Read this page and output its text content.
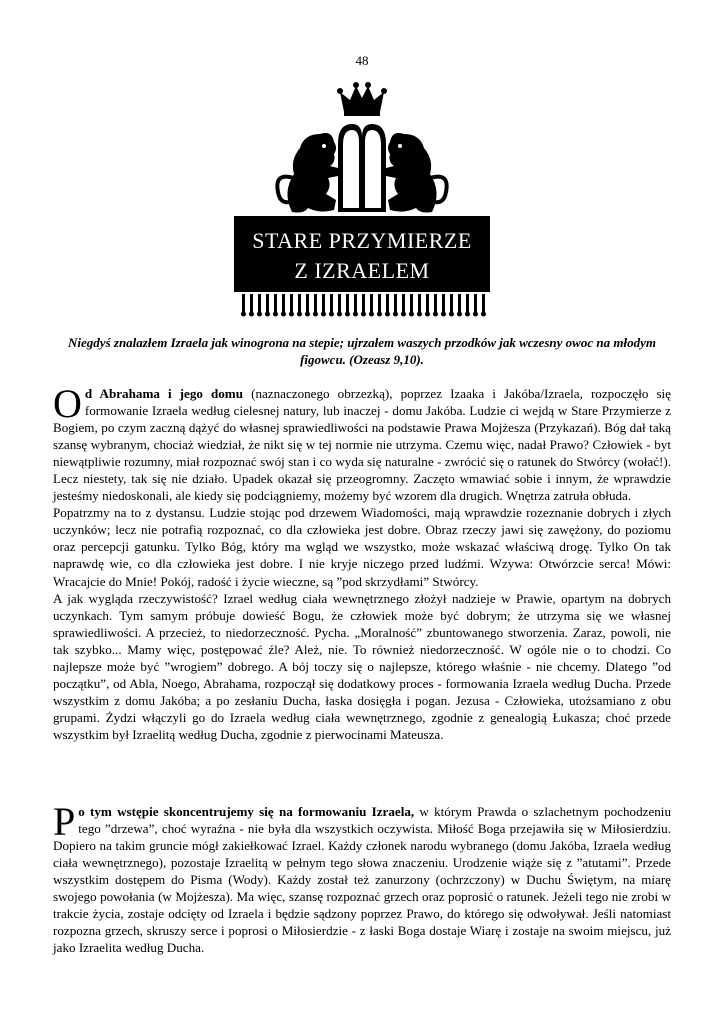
48
STARE PRZYMIERZE
Z IZRAELEM
Niegdyś znalazłem Izraela jak winogrona na stepie; ujrzałem waszych przodków jak wczesny owoc na młodym figowcu. (Ozeasz 9,10).

Od Abrahama i jego domu (naznaczonego obrzezką), poprzez Izaaka i Jakóba/Izraela, rozpoczęło się formowanie Izraela według cielesnej natury, lub inaczej - domu Jakóba. Ludzie ci wejdą w Stare Przymierze z Bogiem, po czym zaczną dążyć do własnej sprawiedliwości na podstawie Prawa Mojżesza (Przykazań). Bóg dał taką szansę wybranym, chociaż wiedział, że nikt się w tej normie nie utrzyma. Czemu więc, nadał Prawo? Człowiek - byt niewątpliwie rozumny, miał rozpoznać swój stan i co wyda się naturalne - zwrócić się o ratunek do Stwórcy (wołać!). Lecz niestety, tak się nie działo. Upadek okazał się przeogromny. Zaczęto wmawiać sobie i innym, że wprawdzie jesteśmy niedoskonali, ale kiedy się podciągniemy, możemy być wzorem dla drugich. Wnętrza zatruła obłuda.

Popatrzmy na to z dystansu. Ludzie stojąc pod drzewem Wiadomości, mają wprawdzie rozeznanie dobrych i złych uczynków; lecz nie potrafią rozpoznać, co dla człowieka jest dobre. Obraz rzeczy jawi się zawężony, do poziomu oraz percepcji gatunku. Tylko Bóg, który ma wgląd we wszystko, może wskazać właściwą drogę. Tylko On tak naprawdę wie, co dla człowieka jest dobre. I nie kryje niczego przed ludźmi. Wzywa: Otwórzcie serca! Mówi: Wracajcie do Mnie! Pokój, radość i życie wieczne, są ”pod skrzydłami” Stwórcy.

A jak wygląda rzeczywistość? Izrael według ciała wewnętrznego złożył nadzieje w Prawie, opartym na dobrych uczynkach. Tym samym próbuje dowieść Bogu, że człowiek może być dobrym; że utrzyma się we własnej sprawiedliwości. A przecież, to niedorzeczność. Pycha. „Moralność” zbuntowanego stworzenia. Zaraz, powoli, nie tak szybko... Mamy więc, postępować źle? Ależ, nie. To również niedorzeczność. W ogóle nie o to chodzi. Co najlepsze może być ”wrogiem” dobrego. A bój toczy się o najlepsze, którego właśnie - nie chcemy. Dlatego ”od początku”, od Abla, Noego, Abrahama, rozpoczął się dodatkowy proces - formowania Izraela według Ducha. Przede wszystkim z domu Jakóba; a po zesłaniu Ducha, łaska dosięgła i pogan. Jezusa - Człowieka, utożsamiano z obu grupami. Żydzi włączyli go do Izraela według ciała wewnętrznego, zgodnie z genealogią Łukasza; choć przede wszystkim był Izraelitą według Ducha, zgodnie z pierwocinami Mateusza.

Po tym wstępie skoncentrujemy się na formowaniu Izraela, w którym Prawda o szlachetnym pochodzeniu tego ”drzewa”, choć wyraźna - nie była dla wszystkich oczywista. Miłość Boga przejawiła się w Miłosierdziu. Dopiero na takim gruncie mógł zakiełkować Izrael. Każdy członek narodu wybranego (domu Jakóba, Izraela według ciała wewnętrznego), pozostaje Izraelitą w pełnym tego słowa znaczeniu. Urodzenie wiąże się z ”atutami”. Przede wszystkim dostępem do Pisma (Wody). Każdy został też zanurzony (ochrzczony) w Duchu Świętym, na miarę swojego powołania (w Mojżesza). Ma więc, szansę rozpoznać grzech oraz poprosić o ratunek. Jeżeli tego nie zrobi w trakcie życia, zostaje odcięty od Izraela i będzie sądzony poprzez Prawo, do którego się odwoływał. Jeśli natomiast rozpozna grzech, skruszy serce i poprosi o Miłosierdzie - z łaski Boga dostaje Wiarę i zostaje na swoim miejscu, już jako Izraelita według Ducha.
